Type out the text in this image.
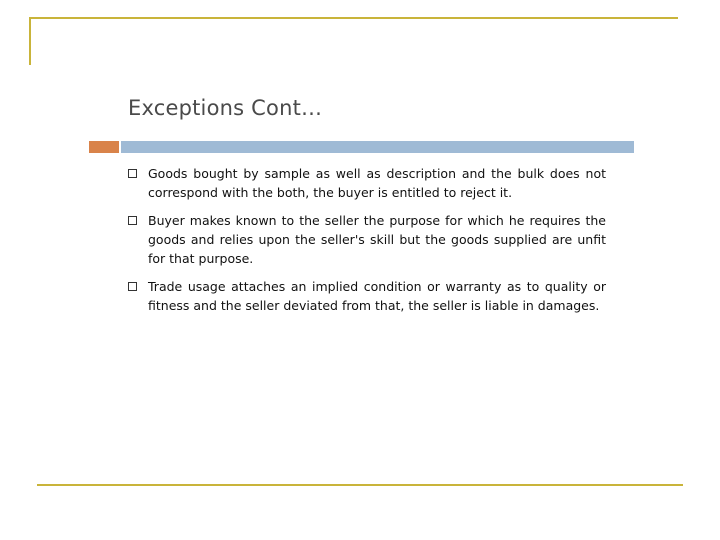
Exceptions Cont…
Goods bought by sample as well as description and the bulk does not correspond with the both, the buyer is entitled to reject it.
Buyer makes known to the seller the purpose for which he requires the goods and relies upon the seller's skill but the goods supplied are unfit for that purpose.
Trade usage attaches an implied condition or warranty as to quality or fitness and the seller deviated from that, the seller is liable in damages.
